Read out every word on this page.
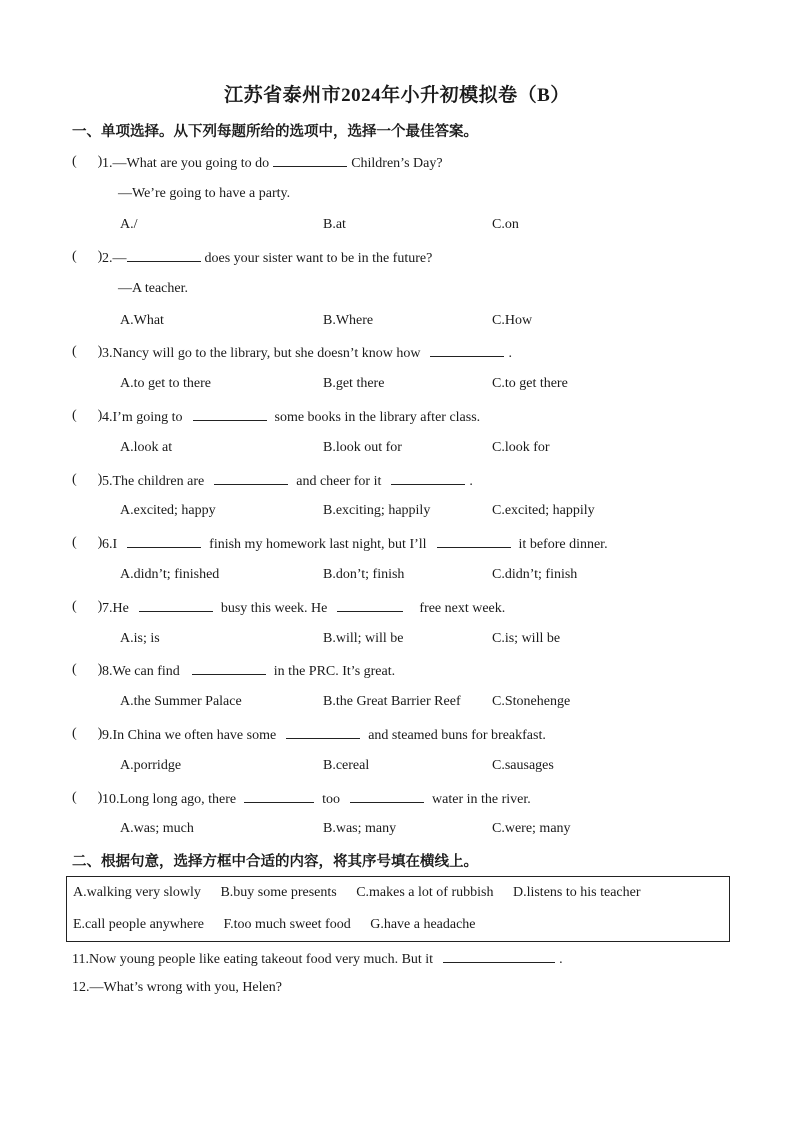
江苏省泰州市2024年小升初模拟卷（B）
一、单项选择。从下列每题所给的选项中，选择一个最佳答案。
(      ) 1.—What are you going to do	Children’s Day?
—We’re going to have a party.
A./	B.at	C.on
(      ) 2.—	does your sister want to be in the future?
—A teacher.
A.What	B.Where	C.How
(      ) 3.Nancy will go to the library, but she doesn’t know how	.
A.to get to there	B.get there	C.to get there
(      ) 4.I’m going to	some books in the library after class.
A.look at	B.look out for	C.look for
(      ) 5.The children are	and cheer for it	.
A.excited; happy	B.exciting; happily	C.excited; happily
(      ) 6.I	finish my homework last night, but I’ll	it before dinner.
A.didn’t; finished	B.don’t; finish	C.didn’t; finish
(      ) 7.He	busy this week. He	free next week.
A.is; is	B.will; will be	C.is; will be
(      ) 8.We can find	in the PRC. It’s great.
A.the Summer Palace	B.the Great Barrier Reef C.Stonehenge
(      ) 9.In China we often have some	and steamed buns for breakfast.
A.porridge	B.cereal	C.sausages
(      ) 10.Long long ago, there	too	water in the river.
A.was; much	B.was; many	C.were; many
二、根据句意，选择方框中合适的内容，将其序号填在横线上。
A.walking very slowly B.buy some presents C.makes a lot of rubbish D.listens to his teacher
E.call people anywhere F.too much sweet food G.have a headache
11.Now young people like eating takeout food very much. But it	.
12.—What’s wrong with you, Helen?
